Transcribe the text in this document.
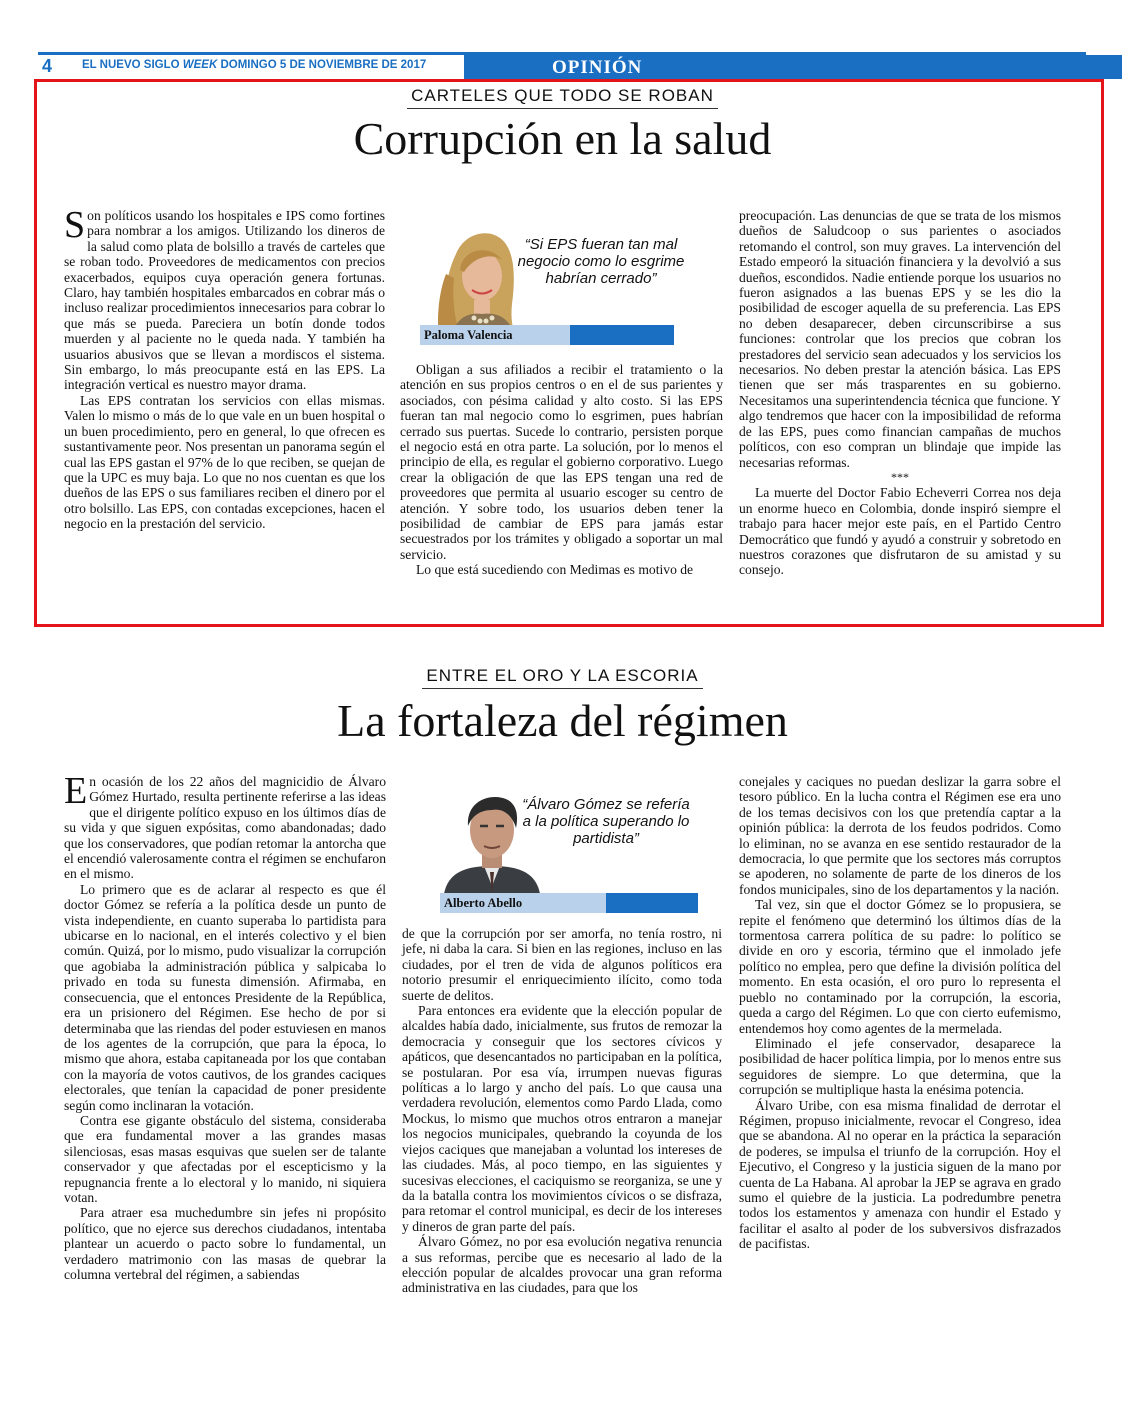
4	EL NUEVO SIGLO WEEK DOMINGO 5 DE NOVIEMBRE DE 2017	OPINIÓN
CARTELES QUE TODO SE ROBAN
Corrupción en la salud

Son políticos usando los hospitales e IPS como fortines para nombrar a los amigos. Utilizando los dineros de la salud como plata de bolsillo a través de carteles que se roban todo. Proveedores de medicamentos con precios exacerbados, equipos cuya operación genera fortunas. Claro, hay también hospitales embarcados en cobrar más o incluso realizar procedimientos innecesarios para cobrar lo que más se pueda. Pareciera un botín donde todos muerden y al paciente no le queda nada. Y también ha usuarios abusivos que se llevan a mordiscos el sistema. Sin embargo, lo más preocupante está en las EPS. La integración vertical es nuestro mayor drama.

Las EPS contratan los servicios con ellas mismas. Valen lo mismo o más de lo que vale en un buen hospital o un buen procedimiento, pero en general, lo que ofrecen es sustantivamente peor. Nos presentan un panorama según el cual las EPS gastan el 97% de lo que reciben, se quejan de que la UPC es muy baja. Lo que no nos cuentan es que los dueños de las EPS o sus familiares reciben el dinero por el otro bolsillo. Las EPS, con contadas excepciones, hacen el negocio en la prestación del servicio.

“Si EPS fueran tan mal negocio como lo esgrime habrían cerrado”
Paloma Valencia

Obligan a sus afiliados a recibir el tratamiento o la atención en sus propios centros o en el de sus parientes y asociados, con pésima calidad y alto costo. Si las EPS fueran tan mal negocio como lo esgrimen, pues habrían cerrado sus puertas. Sucede lo contrario, persisten porque el negocio está en otra parte. La solución, por lo menos el principio de ella, es regular el gobierno corporativo. Luego crear la obligación de que las EPS tengan una red de proveedores que permita al usuario escoger su centro de atención. Y sobre todo, los usuarios deben tener la posibilidad de cambiar de EPS para jamás estar secuestrados por los trámites y obligado a soportar un mal servicio.

Lo que está sucediendo con Medimas es motivo de

preocupación. Las denuncias de que se trata de los mismos dueños de Saludcoop o sus parientes o asociados retomando el control, son muy graves. La intervención del Estado empeoró la situación financiera y la devolvió a sus dueños, escondidos. Nadie entiende porque los usuarios no fueron asignados a las buenas EPS y se les dio la posibilidad de escoger aquella de su preferencia. Las EPS no deben desaparecer, deben circunscribirse a sus funciones: controlar que los precios que cobran los prestadores del servicio sean adecuados y los servicios los necesarios. No deben prestar la atención básica. Las EPS tienen que ser más trasparentes en su gobierno. Necesitamos una superintendencia técnica que funcione. Y algo tendremos que hacer con la imposibilidad de reforma de las EPS, pues como financian campañas de muchos políticos, con eso compran un blindaje que impide las necesarias reformas.

***

La muerte del Doctor Fabio Echeverri Correa nos deja un enorme hueco en Colombia, donde inspiró siempre el trabajo para hacer mejor este país, en el Partido Centro Democrático que fundó y ayudó a construir y sobretodo en nuestros corazones que disfrutaron de su amistad y su consejo.

ENTRE EL ORO Y LA ESCORIA
La fortaleza del régimen

En ocasión de los 22 años del magnicidio de Álvaro Gómez Hurtado, resulta pertinente referirse a las ideas que el dirigente político expuso en los últimos días de su vida y que siguen expósitas, como abandonadas; dado que los conservadores, que podían retomar la antorcha que el encendió valerosamente contra el régimen se enchufaron en el mismo.

Lo primero que es de aclarar al respecto es que él doctor Gómez se refería a la política desde un punto de vista independiente, en cuanto superaba lo partidista para ubicarse en lo nacional, en el interés colectivo y el bien común. Quizá, por lo mismo, pudo visualizar la corrupción que agobiaba la administración pública y salpicaba lo privado en toda su funesta dimensión. Afirmaba, en consecuencia, que el entonces Presidente de la República, era un prisionero del Régimen. Ese hecho de por si determinaba que las riendas del poder estuviesen en manos de los agentes de la corrupción, que para la época, lo mismo que ahora, estaba capitaneada por los que contaban con la mayoría de votos cautivos, de los grandes caciques electorales, que tenían la capacidad de poner presidente según como inclinaran la votación.

Contra ese gigante obstáculo del sistema, consideraba que era fundamental mover a las grandes masas silenciosas, esas masas esquivas que suelen ser de talante conservador y que afectadas por el escepticismo y la repugnancia frente a lo electoral y lo manido, ni siquiera votan.

Para atraer esa muchedumbre sin jefes ni propósito político, que no ejerce sus derechos ciudadanos, intentaba plantear un acuerdo o pacto sobre lo fundamental, un verdadero matrimonio con las masas de quebrar la columna vertebral del régimen, a sabiendas

“Álvaro Gómez se refería a la política superando lo partidista”
Alberto Abello

de que la corrupción por ser amorfa, no tenía rostro, ni jefe, ni daba la cara. Si bien en las regiones, incluso en las ciudades, por el tren de vida de algunos políticos era notorio presumir el enriquecimiento ilícito, como toda suerte de delitos.

Para entonces era evidente que la elección popular de alcaldes había dado, inicialmente, sus frutos de remozar la democracia y conseguir que los sectores cívicos y apáticos, que desencantados no participaban en la política, se postularan. Por esa vía, irrumpen nuevas figuras políticas a lo largo y ancho del país. Lo que causa una verdadera revolución, elementos como Pardo Llada, como Mockus, lo mismo que muchos otros entraron a manejar los negocios municipales, quebrando la coyunda de los viejos caciques que manejaban a voluntad los intereses de las ciudades. Más, al poco tiempo, en las siguientes y sucesivas elecciones, el caciquismo se reorganiza, se une y da la batalla contra los movimientos cívicos o se disfraza, para retomar el control municipal, es decir de los intereses y dineros de gran parte del país.

Álvaro Gómez, no por esa evolución negativa renuncia a sus reformas, percibe que es necesario al lado de la elección popular de alcaldes provocar una gran reforma administrativa en las ciudades, para que los

conejales y caciques no puedan deslizar la garra sobre el tesoro público. En la lucha contra el Régimen ese era uno de los temas decisivos con los que pretendía captar a la opinión pública: la derrota de los feudos podridos. Como lo eliminan, no se avanza en ese sentido restaurador de la democracia, lo que permite que los sectores más corruptos se apoderen, no solamente de parte de los dineros de los fondos municipales, sino de los departamentos y la nación.

Tal vez, sin que el doctor Gómez se lo propusiera, se repite el fenómeno que determinó los últimos días de la tormentosa carrera política de su padre: lo político se divide en oro y escoria, término que el inmolado jefe político no emplea, pero que define la división política del momento. En esta ocasión, el oro puro lo representa el pueblo no contaminado por la corrupción, la escoria, queda a cargo del Régimen. Lo que con cierto eufemismo, entendemos hoy como agentes de la mermelada.

Eliminado el jefe conservador, desaparece la posibilidad de hacer política limpia, por lo menos entre sus seguidores de siempre. Lo que determina, que la corrupción se multiplique hasta la enésima potencia.

Álvaro Uribe, con esa misma finalidad de derrotar el Régimen, propuso inicialmente, revocar el Congreso, idea que se abandona. Al no operar en la práctica la separación de poderes, se impulsa el triunfo de la corrupción. Hoy el Ejecutivo, el Congreso y la justicia siguen de la mano por cuenta de La Habana. Al aprobar la JEP se agrava en grado sumo el quiebre de la justicia. La podredumbre penetra todos los estamentos y amenaza con hundir el Estado y facilitar el asalto al poder de los subversivos disfrazados de pacifistas.
